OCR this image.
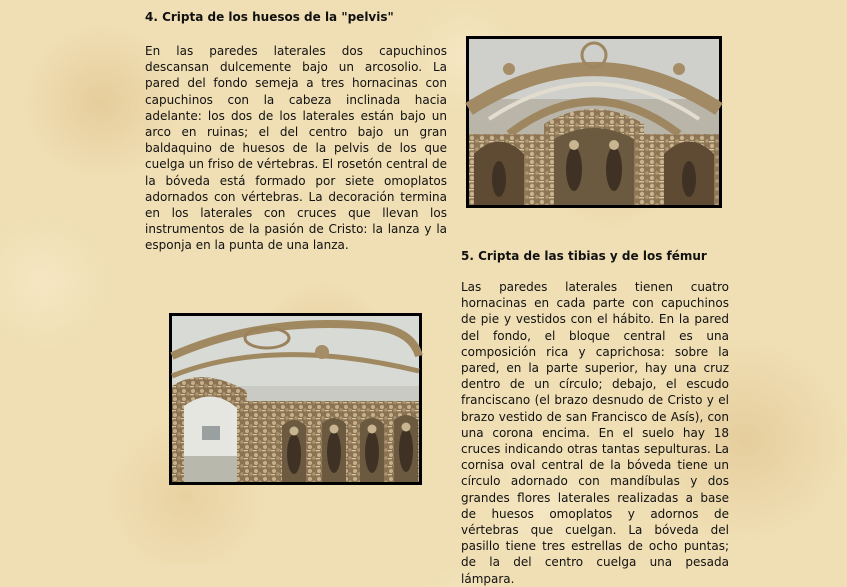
4. Cripta de los huesos de la "pelvis"

En las paredes laterales dos capuchinos descansan dulcemente bajo un arcosolio. La pared del fondo semeja a tres hornacinas con capuchinos con la cabeza inclinada hacia adelante: los dos de los laterales están bajo un arco en ruinas; el del centro bajo un gran baldaquino de huesos de la pelvis de los que cuelga un friso de vértebras. El rosetón central de la bóveda está formado por siete omoplatos adornados con vértebras. La decoración termina en los laterales con cruces que llevan los instrumentos de la pasión de Cristo: la lanza y la esponja en la punta de una lanza.

5. Cripta de las tibias y de los fémur

Las paredes laterales tienen cuatro hornacinas en cada parte con capuchinos de pie y vestidos con el hábito. En la pared del fondo, el bloque central es una composición rica y caprichosa: sobre la pared, en la parte superior, hay una cruz dentro de un círculo; debajo, el escudo franciscano (el brazo desnudo de Cristo y el brazo vestido de san Francisco de Asís), con una corona encima. En el suelo hay 18 cruces indicando otras tantas sepulturas. La cornisa oval central de la bóveda tiene un círculo adornado con mandíbulas y dos grandes flores laterales realizadas a base de huesos omoplatos y adornos de vértebras que cuelgan. La bóveda del pasillo tiene tres estrellas de ocho puntas; de la del centro cuelga una pesada lámpara.
